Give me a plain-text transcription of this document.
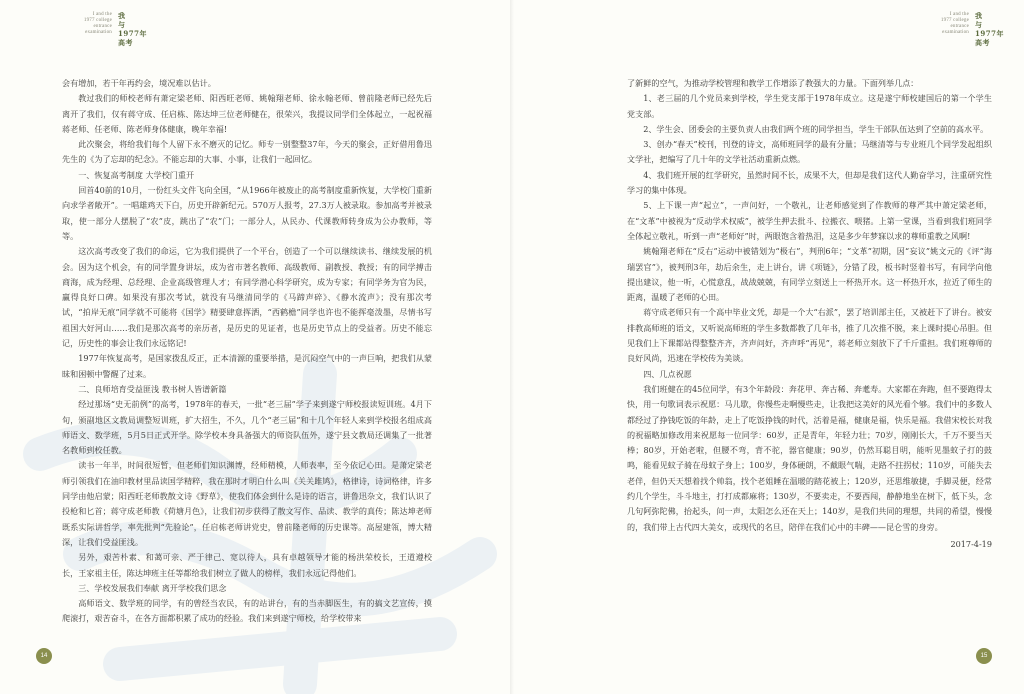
I and the
1977 college
entrance
examination
我
与
1977年
高考

会有增加，若干年再约会，境况难以估计。

教过我们的师校老师有萧定梁老师、阳西旺老师、姚翰翔老师、徐永翰老师、曾前隆老师已经先后离开了我们，仅有蒋守成、任启栋、陈达坤三位老师健在，很荣兴，我提议同学们全体起立，一起祝福蒋老师、任老师、陈老师身体健康，晚年幸福!

此次聚会，将给我们每个人留下永不磨灭的记忆。师专一别整整37年，今天的聚会，正好借用鲁迅先生的《为了忘却的纪念》。不能忘却的大事、小事，让我们一起回忆。

一、恢复高考制度 大学校门重开

回首40前的10月，一份红头文件飞向全国，“从1966年被废止的高考制度重新恢复，大学校门重新向求学者敞开”。一唱雄鸡天下白，历史开辟新纪元。570万人报考，27.3万人被录取。参加高考并被录取，使一部分人摆脱了“农”皮，跳出了“农”门；一部分人，从民办、代课教师转身成为公办教师，等等。

这次高考改变了我们的命运，它为我们提供了一个平台，创造了一个可以继续读书、继续发展的机会。因为这个机会，有的同学置身讲坛，成为省市著名教师、高级教师、副教授、教授；有的同学搏击商海，成为经理、总经理、企业高级管理人才；有同学潜心科学研究，成为专家；有同学务为官为民，赢得良好口碑。如果没有那次考试，就没有马继清同学的《马蹄声碎》、《静水流声》；没有那次考试，“拍岸无痕”同学就不可能将《国学》精要肆意挥洒，“西鹤檐”同学也许也不能挥毫泼墨，尽情书写祖国大好河山……我们是那次高考的亲历者，是历史的见证者，也是历史节点上的受益者。历史不能忘记，历史性的事会让我们永远铭记!

1977年恢复高考，是国家拨乱反正，正本清源的重要举措，是沉闷空气中的一声巨响，把我们从蒙昧和困顿中警醒了过来。

二、良师培育受益匪浅 教书树人皆谱新篇

经过那场“史无前例”的高考，1978年的春天，一批“老三届”学子来到遂宁师校报读短训班。4月下旬，颁副地区文教局调整短训班，扩大招生，不久，几个“老三届”和十几个年轻人来到学校报名组成高师语文、数学班，5月5日正式开学。除学校本身具备强大的师资队伍外，遂宁县文教局还调集了一批著名教师到校任教。

读书一年半，时间很短暂，但老师们知识渊博，经师精模，人师表率，至今依记心田。是萧定梁老师引领我们在油印教材里品读国学精粹，我在那时才明白什么叫《关关雎鸠》，格律诗，诗词格律，许多同学由他启蒙；阳西旺老师教散文诗《野草》，使我们体会到什么是诗的语言，讲鲁迅杂文，我们认识了投枪和匕首；蒋守成老师教《荷塘月色》，让我们初步获得了散文写作、品读、教学的真传；陈达坤老师既系实际讲哲学，率先批判“先验论”，任启栋老师讲党史，曾前隆老师的历史课等。高屋建瓴，博大精深，让我们受益匪浅。

另外，艰苦朴素、和蔼可亲、严于律己、宽以待人，具有卓越领导才能的杨洪荣校长，王道遵校长，王家祖主任，陈达坤班主任等都给我们树立了做人的榜样，我们永远记得他们。

三、学校发展我们奉献 离开学校我们思念

高师语文、数学班的同学，有的曾经当农民，有的站讲台，有的当赤脚医生，有的搞文艺宣传，摸爬滚打，艰苦奋斗，在各方面都积累了成功的经验。我们来到遂宁师校，给学校带来

14
I and the
1977 college
entrance
examination
我
与
1977年
高考

了新鲜的空气，为推动学校管理和教学工作增添了教强大的力量。下面列举几点：

1、老三届的几个党员来到学校，学生党支部于1978年成立。这是遂宁师校建国后的第一个学生党支部。

2、学生会、团委会的主要负责人由我们两个班的同学担当，学生干部队伍达到了空前的高水平。

3、创办“春天”校刊，刊登的诗文，高师班同学的最有分量；马继清等与专业班几个同学发起组织文学社，把编写了几十年的文学社活动重新点燃。

4、我们班开展的红学研究，虽然时间不长，成果不大，但却是我们这代人勤奋学习，注重研究性学习的集中体现。

5、上下课一声“起立”，一声问好，一个敬礼，让老师感觉到了作教师的尊严其中萧定梁老师，在“文革”中被视为“反动学术权威”，被学生押去批斗、拉搬衣、喂猪。上第一堂课，当看到我们班同学全体起立敬礼，听到一声“老师好”时，两眼饱含着热泪，这是多少年梦寐以求的尊师重教之风啊!

姚翰翔老师在“反右”运动中被错划为“极右”，判刑6年；“文革”初期，因“妄议”姚文元的《评“海瑞罢官”》，被判刑3年，劫后余生，走上讲台，讲《项链》，分错了段，板书时竖着书写，有同学向他提出建议，他一听，心慌意乱，战战兢兢，有同学立刻送上一杯热开水。这一杯热开水，拉近了师生的距离，温暖了老师的心田。

蒋守成老师只有一个高中毕业文凭，却是一个大“右派”，罢了培训部主任，又被赶下了讲台。被安排教高师班的语文，又听说高师班的学生多数都教了几年书，推了几次推不脱，来上课时提心吊胆。但见我们上下课都站得整整齐齐，齐声问好，齐声呼“再见”，蒋老师立刻放下了千斤重担。我们班尊师的良好风尚，迅速在学校传为美谈。

四、几点祝愿

我们班健在的45位同学，有3个年龄段：奔花甲、奔古稀、奔耄寿。大家都在奔跑，但不要跑得太快，用一句歌词表示祝愿：马儿歇，你慢些走啊慢些走，让我把这美好的风光看个够。我们中的多数人都经过了挣钱吃饭的年龄，走上了吃饭挣钱的时代，活着是福，健康是福，快乐是福。我借宋校长对我的祝福略加修改用来祝愿每一位同学：60岁，正是青年，年轻力壮；70岁，刚刚长大，千万不要当天棒；80岁，开始老啦，但腰不弯，背不驼，器官健康；90岁，仍然耳聪目明，能听见墨蚊子打的鼓鸣，能看见蚊子骑在母蚊子身上；100岁，身体硬朗，不戴眼气喘，走路不拄拐杖；110岁，可能失去老伴，但仍天天想着找个帅翁，找个老姐睡在温暖的踏花被上；120岁，还思维敏捷，手脚灵便，经常约几个学生，斗斗地主，打打成都麻将；130岁，不要卖走，不要西闯，静静地坐在树下，低下头，念几句阿弥陀佛，抬起头，问一声，太阳怎么还在天上；140岁，是我们共同的理想，共同的希望，慢慢的，我们带上古代四大美女，或现代的名旦，陪伴在我们心中的丰碑——昆仑雪的身旁。

2017-4-19

15
